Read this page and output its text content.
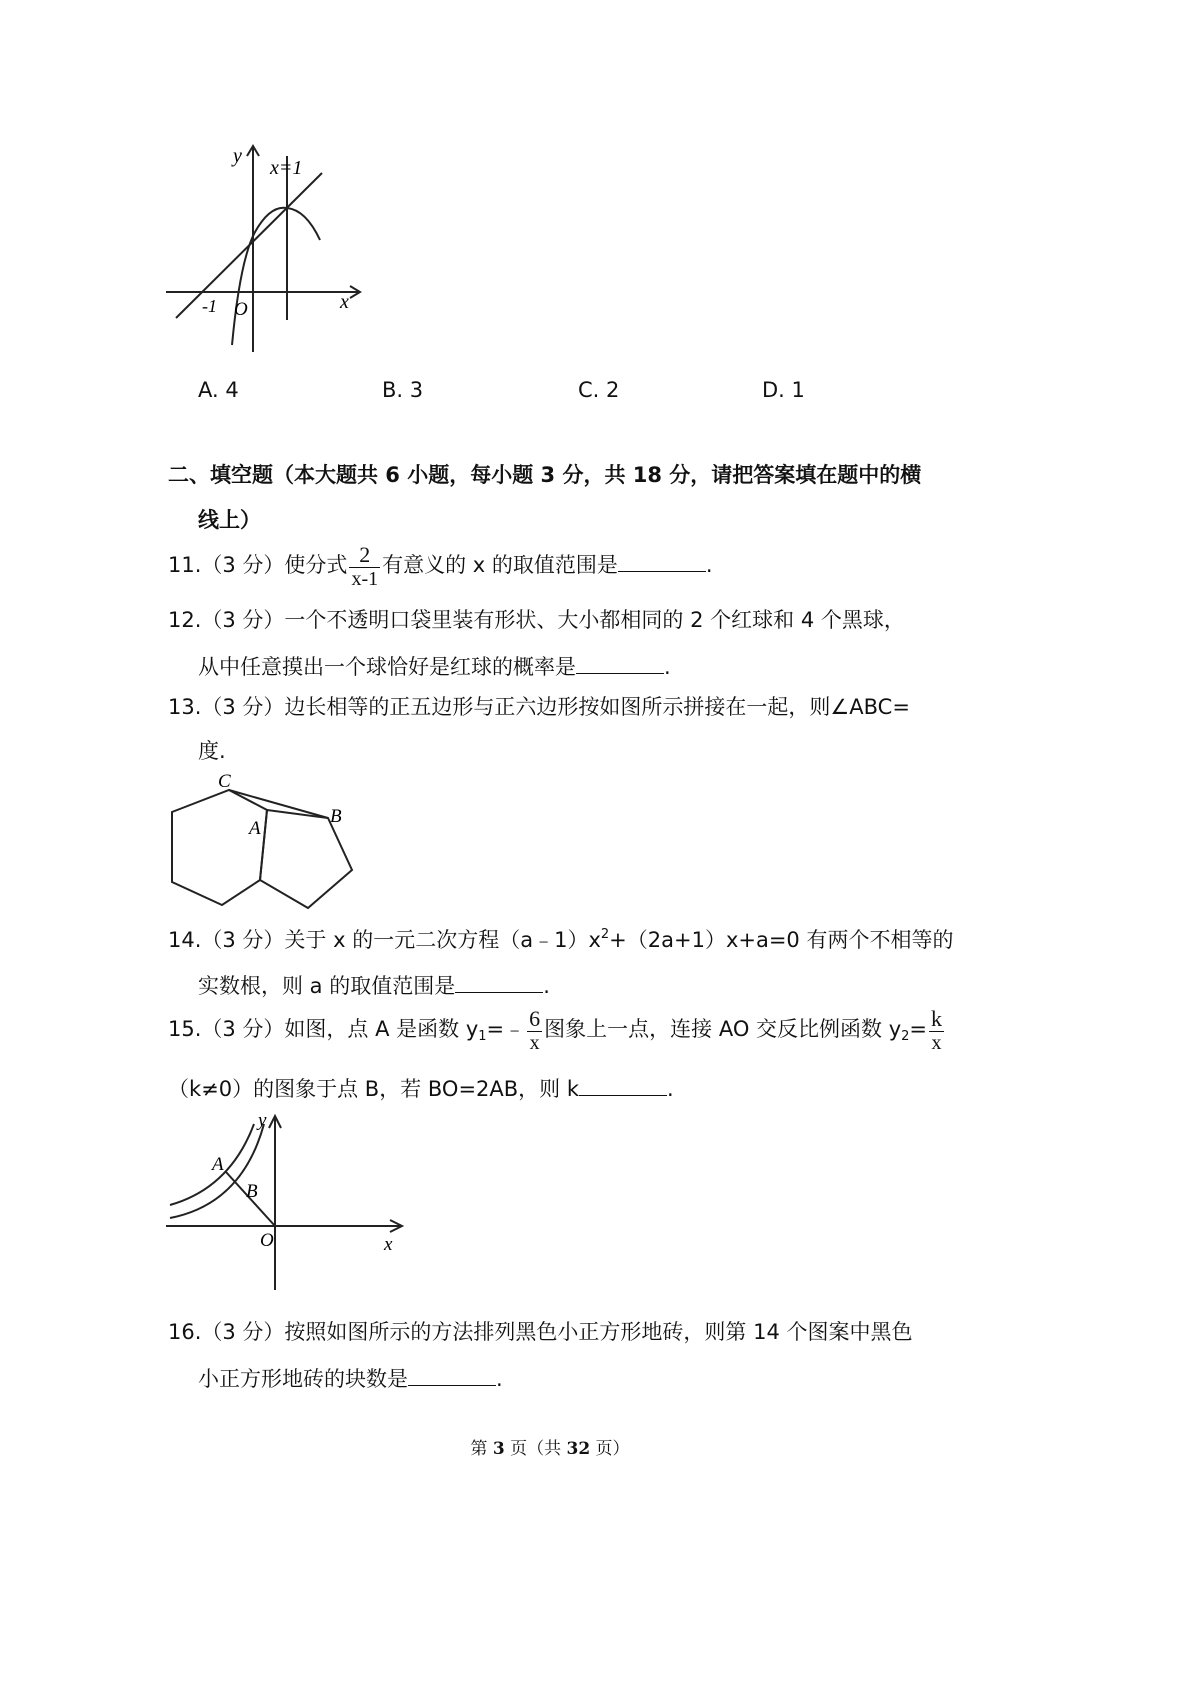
y
x=1
-1 O	x
A. 4	B. 3	C. 2	D. 1
二、填空题（本大题共 6 小题，每小题 3 分，共 18 分，请把答案填在题中的横
线上）
11.（3 分）使分式 $\frac{2}{x-1}$ 有意义的 x 的取值范围是	.
12.（3 分）一个不透明口袋里装有形状、大小都相同的 2 个红球和 4 个黑球，
从中任意摸出一个球恰好是红球的概率是	.
13.（3 分）边长相等的正五边形与正六边形按如图所示拼接在一起，则∠ABC=
度.
C
A
B
14.（3 分）关于 x 的一元二次方程$(a﹣1)x^2+(2a+1)x+a=0$ 有两个不相等的
实数根，则 a 的取值范围是	.
15.（3 分）如图，点 A 是函数 $y_1=﹣ \frac{6}{x}$ 图象上一点，连接 AO 交反比例函数 $y_2= \frac{k}{x}$
（k≠0）的图象于点 B，若 BO=2AB，则 k	.
y
A
B
O	x
16.（3 分）按照如图所示的方法排列黑色小正方形地砖，则第 14 个图案中黑色
小正方形地砖的块数是	.
第 3 页（共 32 页）
